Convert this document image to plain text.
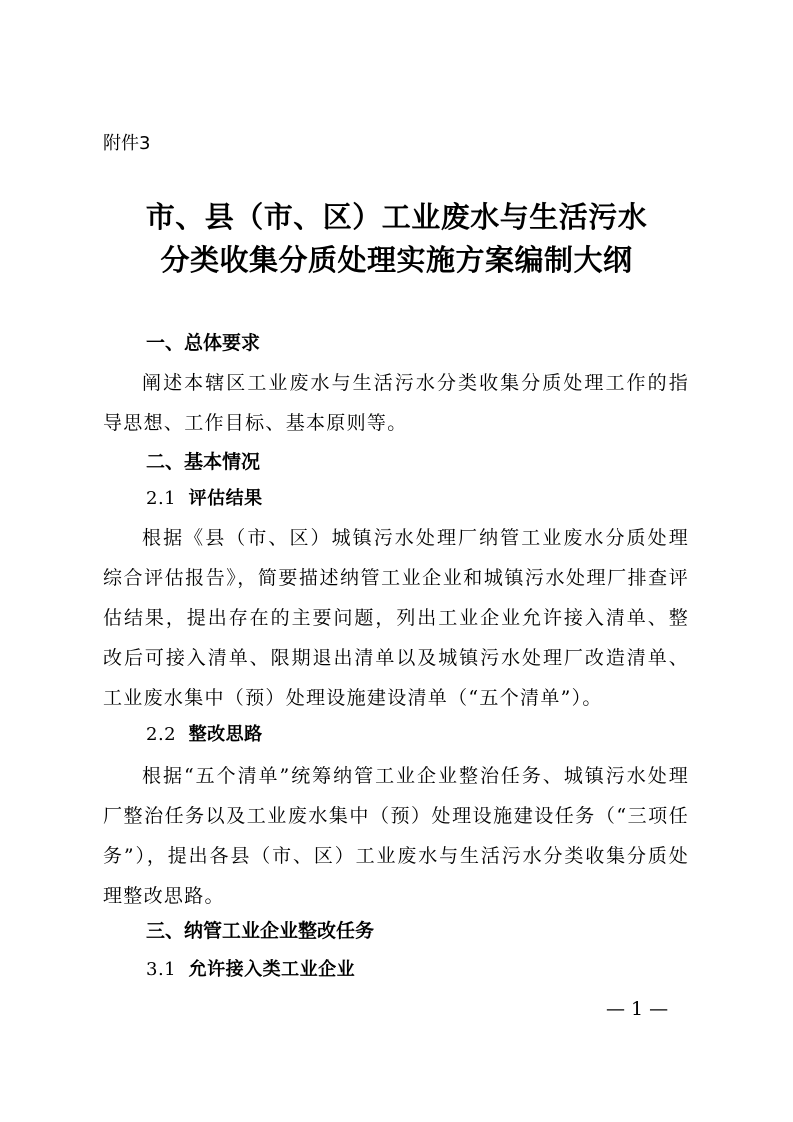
附件3
市、县（市、区）工业废水与生活污水
分类收集分质处理实施方案编制大纲
一、总体要求
阐述本辖区工业废水与生活污水分类收集分质处理工作的指导思想、工作目标、基本原则等。
二、基本情况
2.1 评估结果
根据《县（市、区）城镇污水处理厂纳管工业废水分质处理综合评估报告》，简要描述纳管工业企业和城镇污水处理厂排查评估结果，提出存在的主要问题，列出工业企业允许接入清单、整改后可接入清单、限期退出清单以及城镇污水处理厂改造清单、工业废水集中（预）处理设施建设清单（“五个清单”）。
2.2 整改思路
根据“五个清单”统筹纳管工业企业整治任务、城镇污水处理厂整治任务以及工业废水集中（预）处理设施建设任务（“三项任务”），提出各县（市、区）工业废水与生活污水分类收集分质处理整改思路。
三、纳管工业企业整改任务
3.1 允许接入类工业企业
— 1 —
